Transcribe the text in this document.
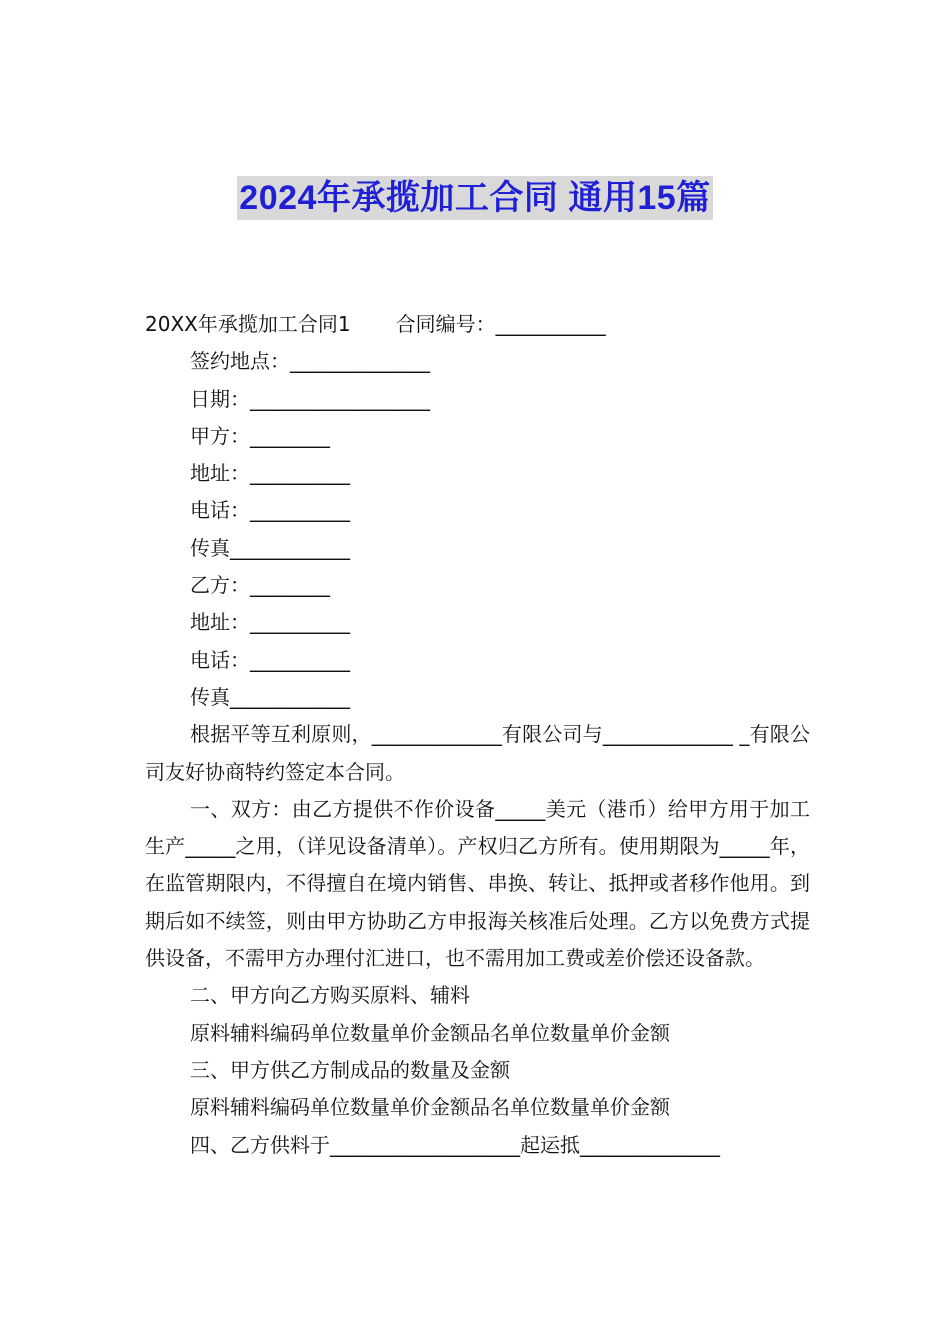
2024年承揽加工合同 通用15篇
20XX年承揽加工合同1 合同编号：___________
签约地点：______________
日期：__________________
甲方：________
地址：__________
电话：__________
传真____________
乙方：________
地址：__________
电话：__________
传真____________
根据平等互利原则，_____________有限公司与_____________ _有限公司友好协商特约签定本合同。
一、双方：由乙方提供不作价设备_____美元（港币）给甲方用于加工生产_____之用，（详见设备清单）。产权归乙方所有。使用期限为_____年，在监管期限内，不得擅自在境内销售、串换、转让、抵押或者移作他用。到期后如不续签，则由甲方协助乙方申报海关核准后处理。乙方以免费方式提供设备，不需甲方办理付汇进口，也不需用加工费或差价偿还设备款。
二、甲方向乙方购买原料、辅料
原料辅料编码单位数量单价金额品名单位数量单价金额
三、甲方供乙方制成品的数量及金额
原料辅料编码单位数量单价金额品名单位数量单价金额
四、乙方供料于___________________起运抵______________
